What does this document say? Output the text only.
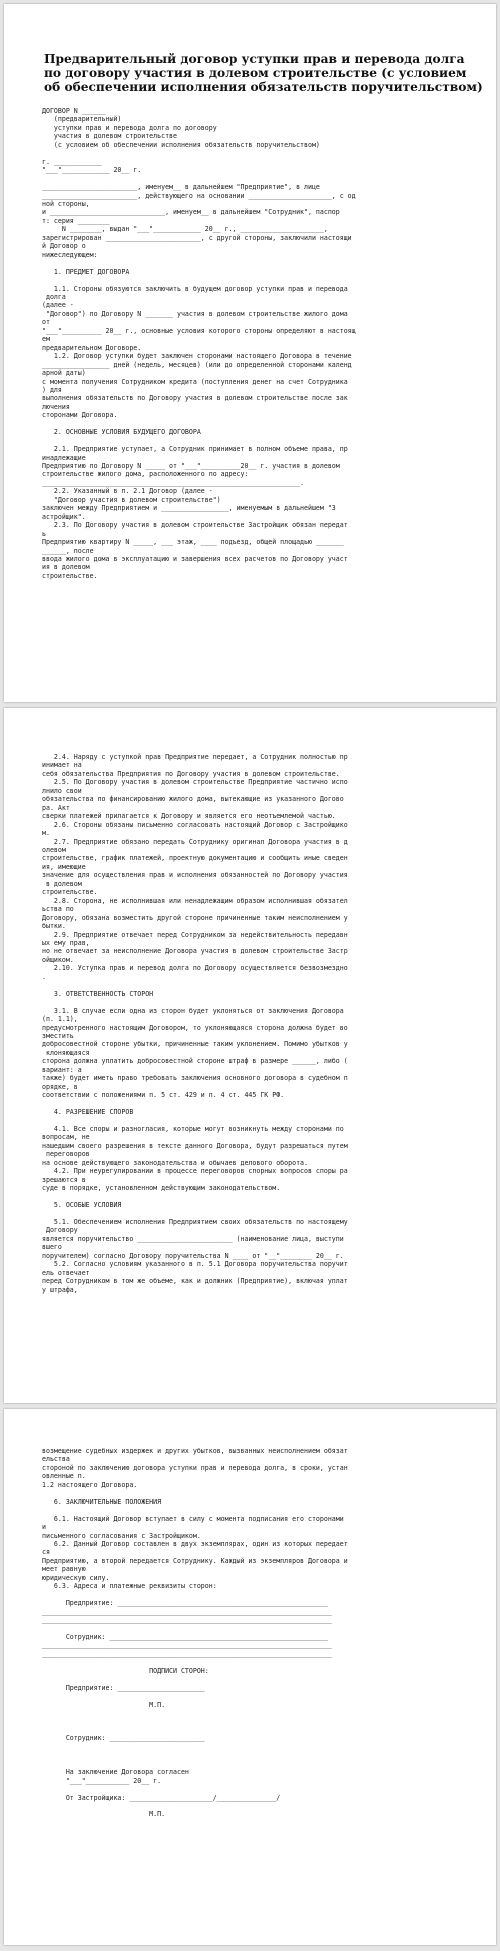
Предварительный договор уступки прав и перевода долга
по договору участия в долевом строительстве (с условием
об обеспечении исполнения обязательств поручительством)
ДОГОВОР N ______
(предварительный)
уступки прав и перевода долга по договору
участия в долевом строительстве
(с условием об обеспечении исполнения обязательств поручительством)

г. ____________
"___"____________ 20__ г.

________________________, именуем__ в дальнейшем "Предприятие", в лице
________________________, действующего на основании _____________________, с од
ной стороны,
и _____________________________, именуем__ в дальнейшем "Сотрудник", паспор
т: серия ________
N ________, выдан "___"____________ 20__ г., _____________________,
зарегистрирован ________________________, с другой стороны, заключили настоящи
й Договор о
нижеследующем:

1. ПРЕДМЕТ ДОГОВОРА

1.1. Стороны обязуются заключить в будущем договор уступки прав и перевода
долга
(далее -
"Договор") по Договору N _______ участия в долевом строительстве жилого дома
от
"___"__________ 20__ г., основные условия которого стороны определяют в настоящ
ем
предварительном Договоре.
1.2. Договор уступки будет заключен сторонами настоящего Договора в течение
_________________ дней (недель, месяцев) (или до определенной сторонами календ
арной даты)
с момента получения Сотрудником кредита (поступления денег на счет Сотрудника
) для
выполнения обязательств по Договору участия в долевом строительстве после зак
лючения
сторонами Договора.

2. ОСНОВНЫЕ УСЛОВИЯ БУДУЩЕГО ДОГОВОРА

2.1. Предприятие уступает, а Сотрудник принимает в полном объеме права, пр
инадлежащие
Предприятию по Договору N _____ от "___"__________20__ г. участия в долевом
строительстве жилого дома, расположенного по адресу:
_________________________________________________________________.
2.2. Указанный в п. 2.1 Договор (далее -
"Договор участия в долевом строительстве")
заключен между Предприятием и _________________, именуемым в дальнейшем "З
астройщик".
2.3. По Договору участия в долевом строительстве Застройщик обязан передат
ь
Предприятию квартиру N _____, ___ этаж, ____ подъезд, общей площадью _______
______, после
ввода жилого дома в эксплуатацию и завершения всех расчетов по Договору участ
ия в долевом
строительстве.
2.4. Наряду с уступкой прав Предприятие передает, а Сотрудник полностью пр
инимает на
себя обязательства Предприятия по Договору участия в долевом строительстве.
2.5. По Договору участия в долевом строительстве Предприятие частично испо
лнило свои
обязательства по финансированию жилого дома, вытекающие из указанного Догово
ра. Акт
сверки платежей прилагается к Договору и является его неотъемлемой частью.
2.6. Стороны обязаны письменно согласовать настоящий Договор с Застройщико
м.
2.7. Предприятие обязано передать Сотруднику оригинал Договора участия в д
олевом
строительстве, график платежей, проектную документацию и сообщить иные сведен
ия, имеющие
значение для осуществления прав и исполнения обязанностей по Договору участия
в долевом
строительстве.
2.8. Сторона, не исполнившая или ненадлежащим образом исполнившая обязател
ьства по
Договору, обязана возместить другой стороне причиненные таким неисполнением у
бытки.
2.9. Предприятие отвечает перед Сотрудником за недействительность передавн
ых ему прав,
но не отвечает за неисполнение Договора участия в долевом строительстве Застр
ойщиком.
2.10. Уступка прав и перевод долга по Договору осуществляется безвозмездно
.

3. ОТВЕТСТВЕННОСТЬ СТОРОН

3.1. В случае если одна из сторон будет уклоняться от заключения Договора
(п. 1.1),
предусмотренного настоящим Договором, то уклоняющаяся сторона должна будет во
зместить
добросовестной стороне убытки, причиненные таким уклонением. Помимо убытков у
клоняющаяся
сторона должна уплатить добросовестной стороне штраф в размере ______, либо (
вариант: а
также) будет иметь право требовать заключения основного договора в судебном п
орядке, в
соответствии с положениями п. 5 ст. 429 и п. 4 ст. 445 ГК РФ.

4. РАЗРЕШЕНИЕ СПОРОВ

4.1. Все споры и разногласия, которые могут возникнуть между сторонами по
вопросам, не
нашедшим своего разрешения в тексте данного Договора, будут разрешаться путем
переговоров
на основе действующего законодательства и обычаев делового оборота.
4.2. При неурегулировании в процессе переговоров спорных вопросов споры ра
зрешаются в
суде в порядке, установленном действующим законодательством.

5. ОСОБЫЕ УСЛОВИЯ

5.1. Обеспечением исполнения Предприятием своих обязательств по настоящему
Договору
является поручительство ________________________ (наименование лица, выступи
вшего
поручителем) согласно Договору поручительства N ____ от "__"________ 20__ г.
5.2. Согласно условиям указанного в п. 5.1 Договора поручительства поручит
ель отвечает
перед Сотрудником в том же объеме, как и должник (Предприятие), включая уплат
у штрафа,
возмещение судебных издержек и других убытков, вызванных неисполнением обязат
ельства
стороной по заключению договора уступки прав и перевода долга, в сроки, устан
овленные п.
1.2 настоящего Договора.

6. ЗАКЛЮЧИТЕЛЬНЫЕ ПОЛОЖЕНИЯ

6.1. Настоящий Договор вступает в силу с момента подписания его сторонами
и
письменного согласования с Застройщиком.
6.2. Данный Договор составлен в двух экземплярах, один из которых передает
ся
Предприятию, а второй передается Сотруднику. Каждый из экземпляров Договора и
меет равную
юридическую силу.
6.3. Адреса и платежные реквизиты сторон:

Предприятие: _____________________________________________________
_________________________________________________________________________
_________________________________________________________________________

Сотрудник: _______________________________________________________
_________________________________________________________________________
_________________________________________________________________________

ПОДПИСИ СТОРОН:

Предприятие: ______________________

М.П.

Сотрудник: ________________________

На заключение Договора согласен
"___"___________ 20__ г.

От Застройщика: _____________________/_______________/

М.П.
